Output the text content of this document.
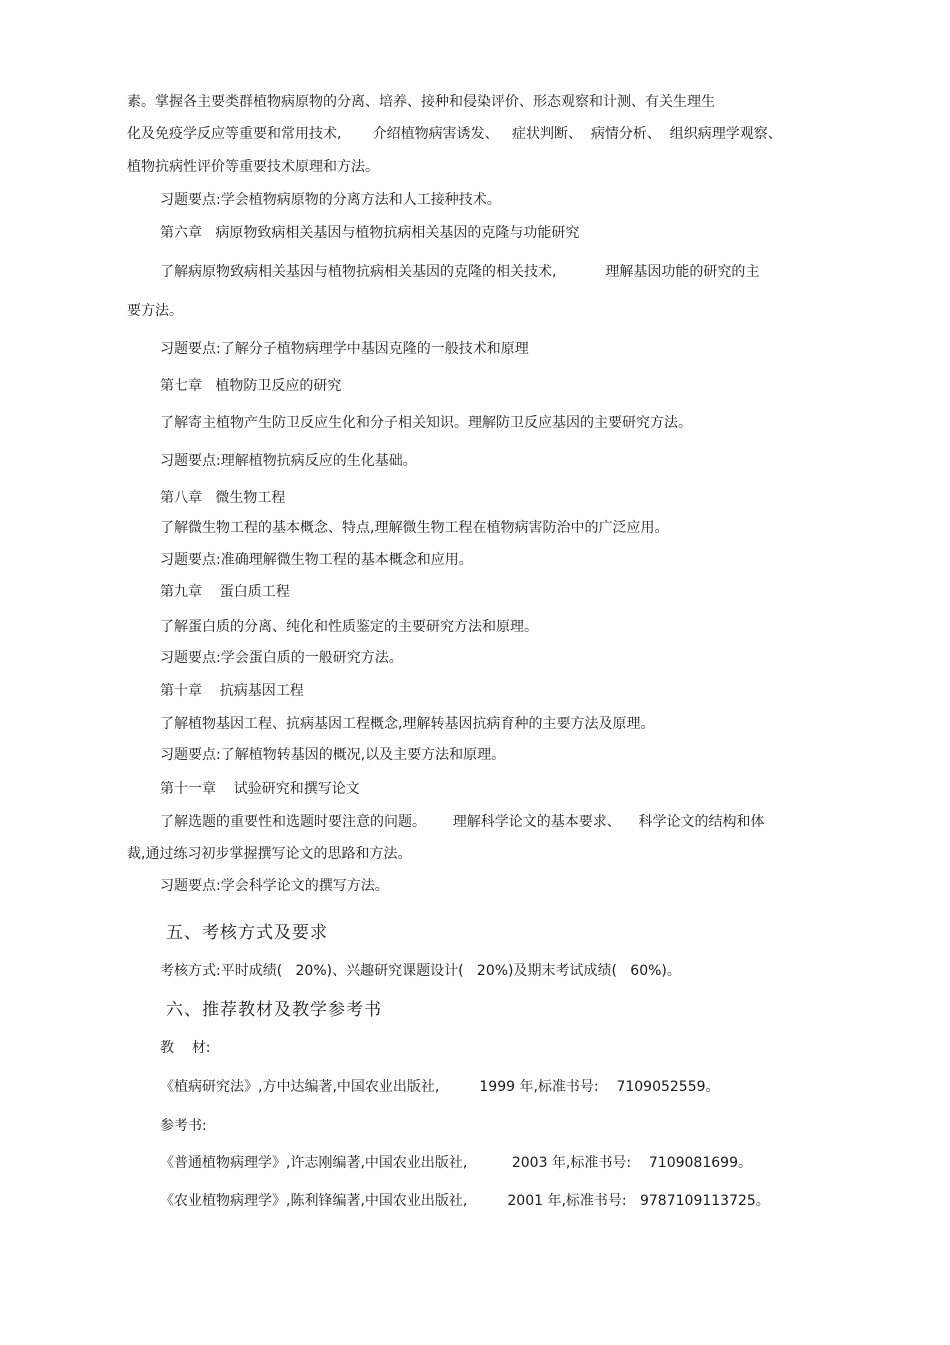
素。掌握各主要类群植物病原物的分离、培养、接种和侵染评价、形态观察和计测、有关生理生

化及免疫学反应等重要和常用技术,       介绍植物病害诱发、   症状判断、  病情分析、  组织病理学观察、

植物抗病性评价等重要技术原理和方法。

习题要点:学会植物病原物的分离方法和人工接种技术。

第六章   病原物致病相关基因与植物抗病相关基因的克隆与功能研究

了解病原物致病相关基因与植物抗病相关基因的克隆的相关技术,           理解基因功能的研究的主

要方法。

习题要点:了解分子植物病理学中基因克隆的一般技术和原理

第七章   植物防卫反应的研究

了解寄主植物产生防卫反应生化和分子相关知识。理解防卫反应基因的主要研究方法。

习题要点:理解植物抗病反应的生化基础。

第八章   微生物工程

了解微生物工程的基本概念、特点,理解微生物工程在植物病害防治中的广泛应用。

习题要点:准确理解微生物工程的基本概念和应用。

第九章    蛋白质工程

了解蛋白质的分离、纯化和性质鉴定的主要研究方法和原理。

习题要点:学会蛋白质的一般研究方法。

第十章    抗病基因工程

了解植物基因工程、抗病基因工程概念,理解转基因抗病育种的主要方法及原理。

习题要点:了解植物转基因的概况,以及主要方法和原理。

第十一章    试验研究和撰写论文

了解选题的重要性和选题时要注意的问题。      理解科学论文的基本要求、    科学论文的结构和体

裁,通过练习初步掌握撰写论文的思路和方法。

习题要点:学会科学论文的撰写方法。

五、考核方式及要求

考核方式:平时成绩(   20%)、兴趣研究课题设计(   20%)及期末考试成绩(   60%)。

六、推荐教材及教学参考书

教    材:

《植病研究法》,方中达编著,中国农业出版社,         1999 年,标准书号:    7109052559。

参考书:

《普通植物病理学》,许志刚编著,中国农业出版社,          2003 年,标准书号:    7109081699。

《农业植物病理学》,陈利锋编著,中国农业出版社,         2001 年,标准书号:   9787109113725。
